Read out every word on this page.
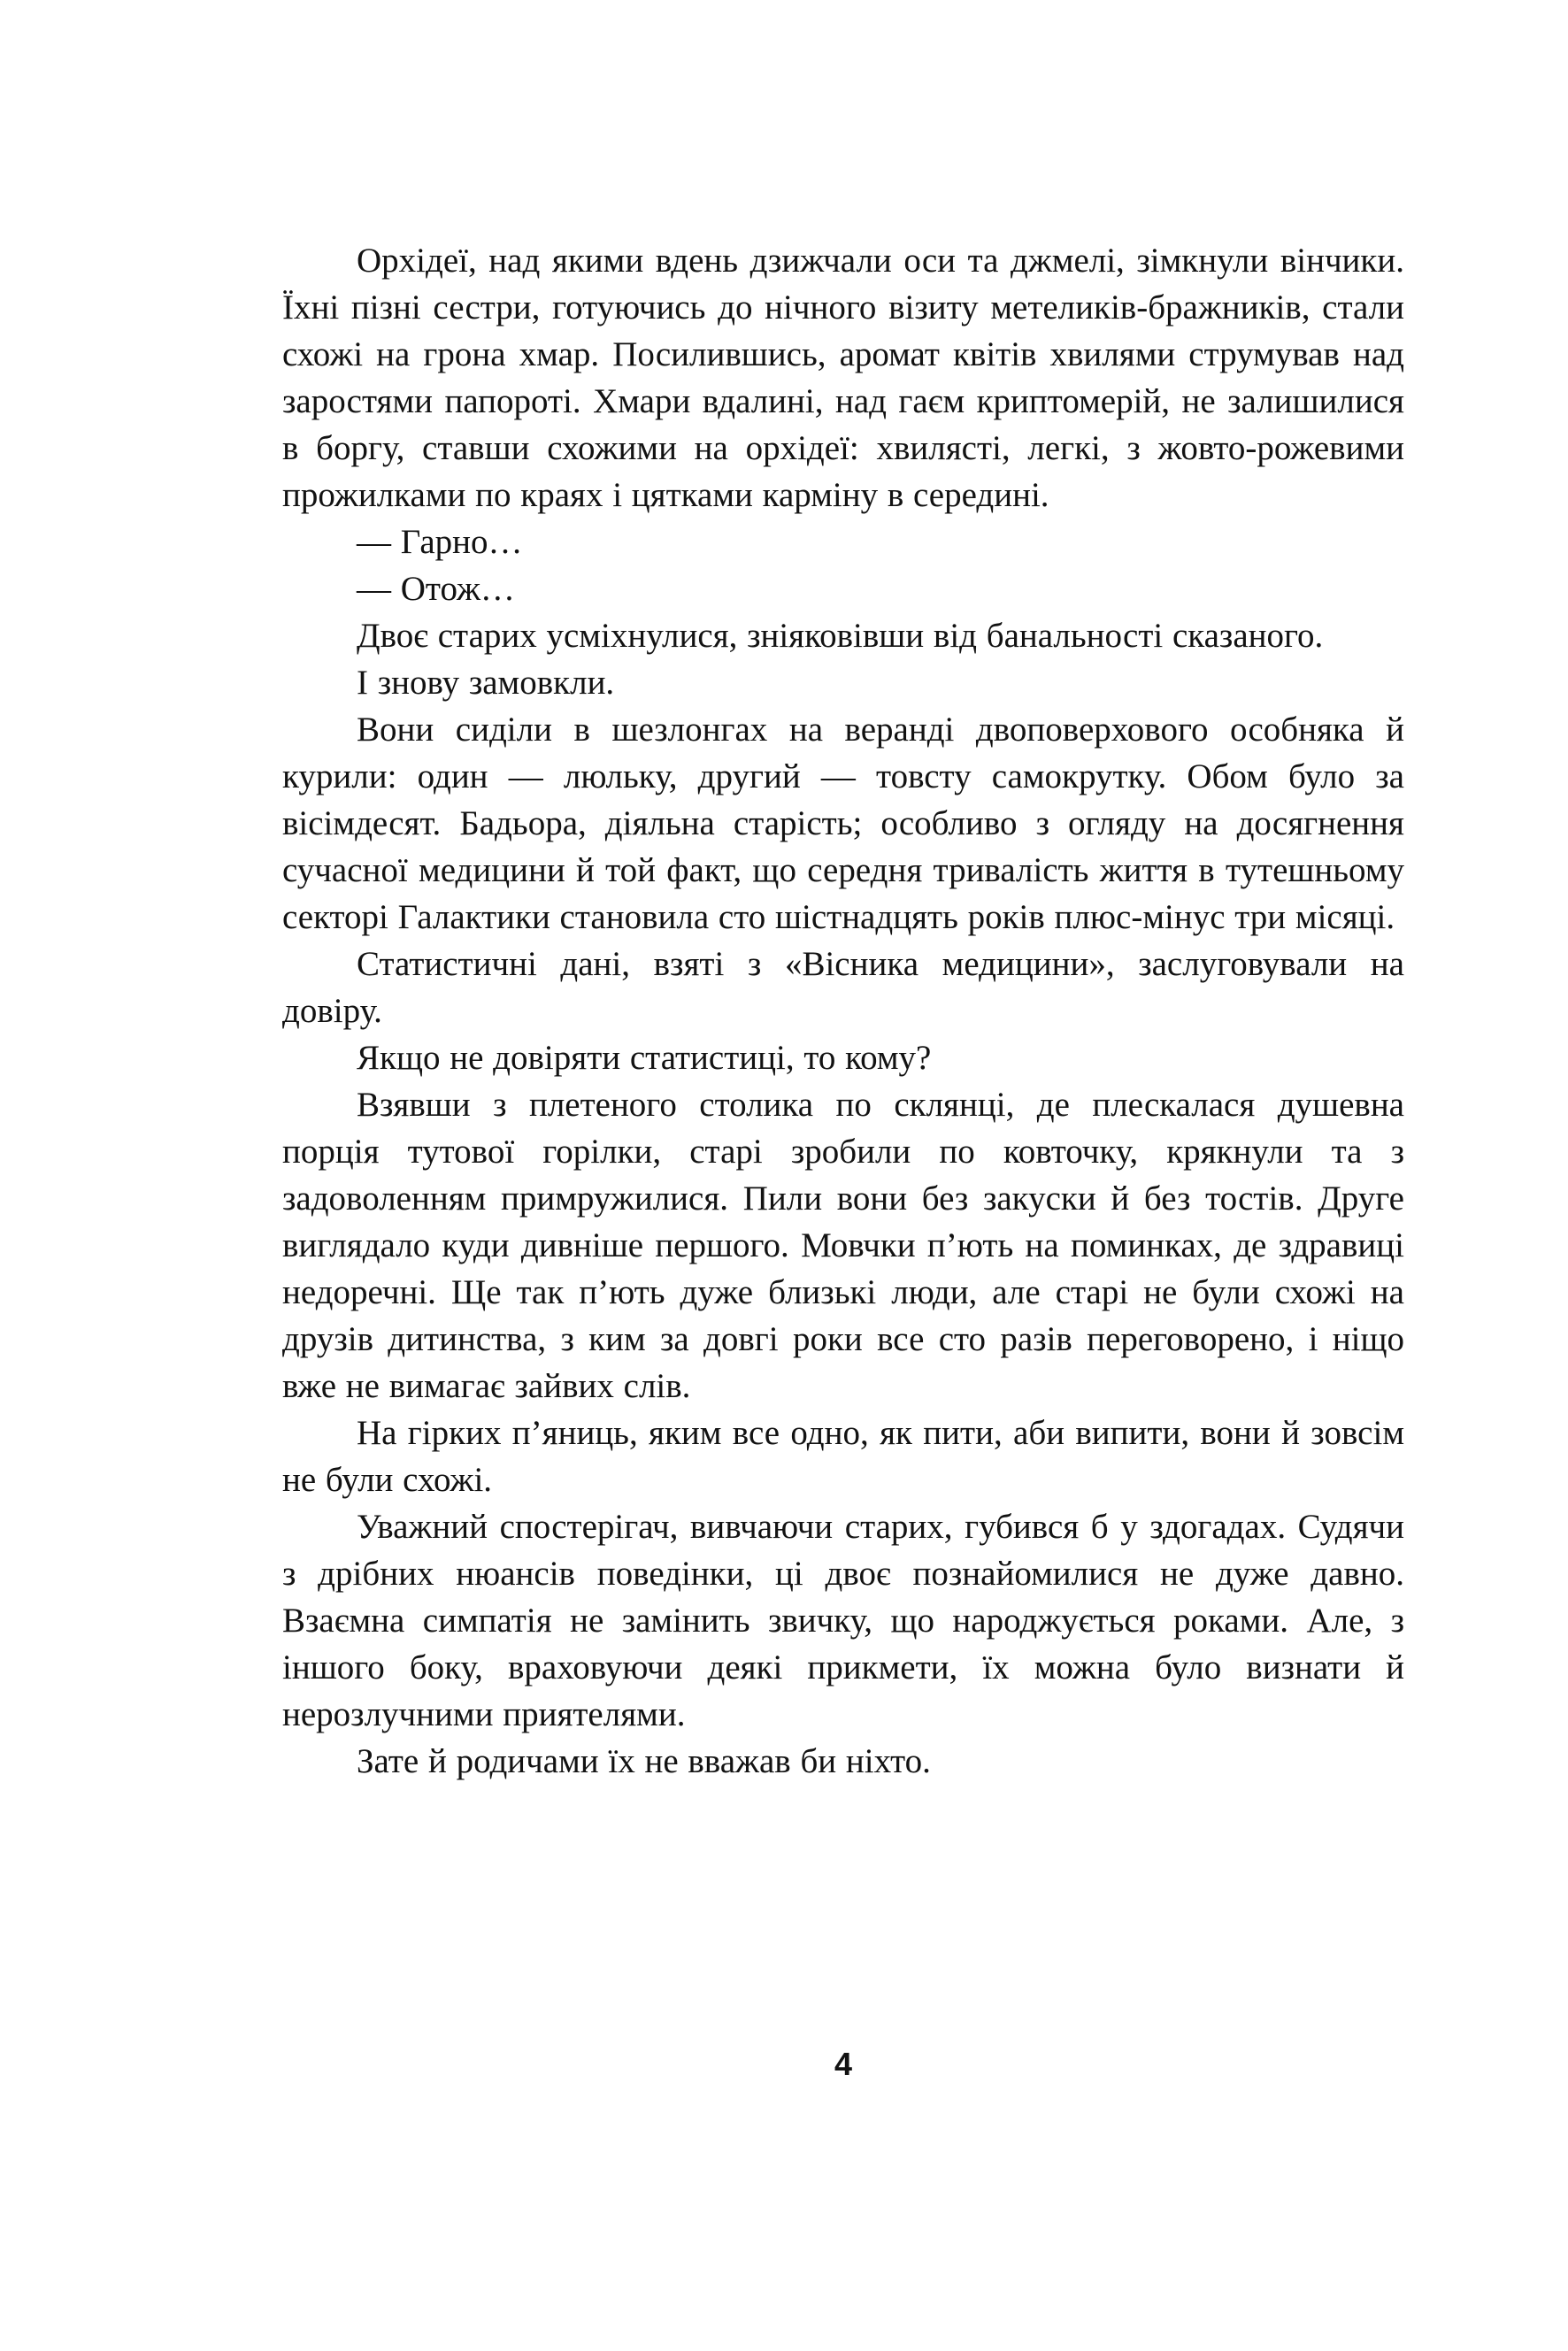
Орхідеї, над якими вдень дзижчали оси та джмелі, зімкнули вінчики. Їхні пізні сестри, готуючись до нічного візиту метеликів-бражників, стали схожі на грона хмар. Посилившись, аромат квітів хвилями струмував над заростями папороті. Хмари вдалині, над гаєм криптомерій, не залишилися в боргу, ставши схожими на орхідеї: хвилясті, легкі, з жовто-рожевими прожилками по краях і цятками карміну в середині.

— Гарно…

— Отож…

Двоє старих усміхнулися, зніяковівши від банальності сказаного.

І знову замовкли.

Вони сиділи в шезлонгах на веранді двоповерхового особняка й курили: один — люльку, другий — товсту самокрутку. Обом було за вісімдесят. Бадьора, діяльна старість; особливо з огляду на досягнення сучасної медицини й той факт, що середня тривалість життя в тутешньому секторі Галактики становила сто шістнадцять років плюс-мінус три місяці.

Статистичні дані, взяті з «Вісника медицини», заслуговували на довіру.

Якщо не довіряти статистиці, то кому?

Взявши з плетеного столика по склянці, де плескалася душевна порція тутової горілки, старі зробили по ковточку, крякнули та з задоволенням примружилися. Пили вони без закуски й без тостів. Друге виглядало куди дивніше першого. Мовчки п’ють на поминках, де здравиці недоречні. Ще так п’ють дуже близькі люди, але старі не були схожі на друзів дитинства, з ким за довгі роки все сто разів переговорено, і ніщо вже не вимагає зайвих слів.

На гірких п’яниць, яким все одно, як пити, аби випити, вони й зовсім не були схожі.

Уважний спостерігач, вивчаючи старих, губився б у здогадах. Судячи з дрібних нюансів поведінки, ці двоє познайомилися не дуже давно. Взаємна симпатія не замінить звичку, що народжується роками. Але, з іншого боку, враховуючи деякі прикмети, їх можна було визнати й нерозлучними приятелями.

Зате й родичами їх не вважав би ніхто.

4
